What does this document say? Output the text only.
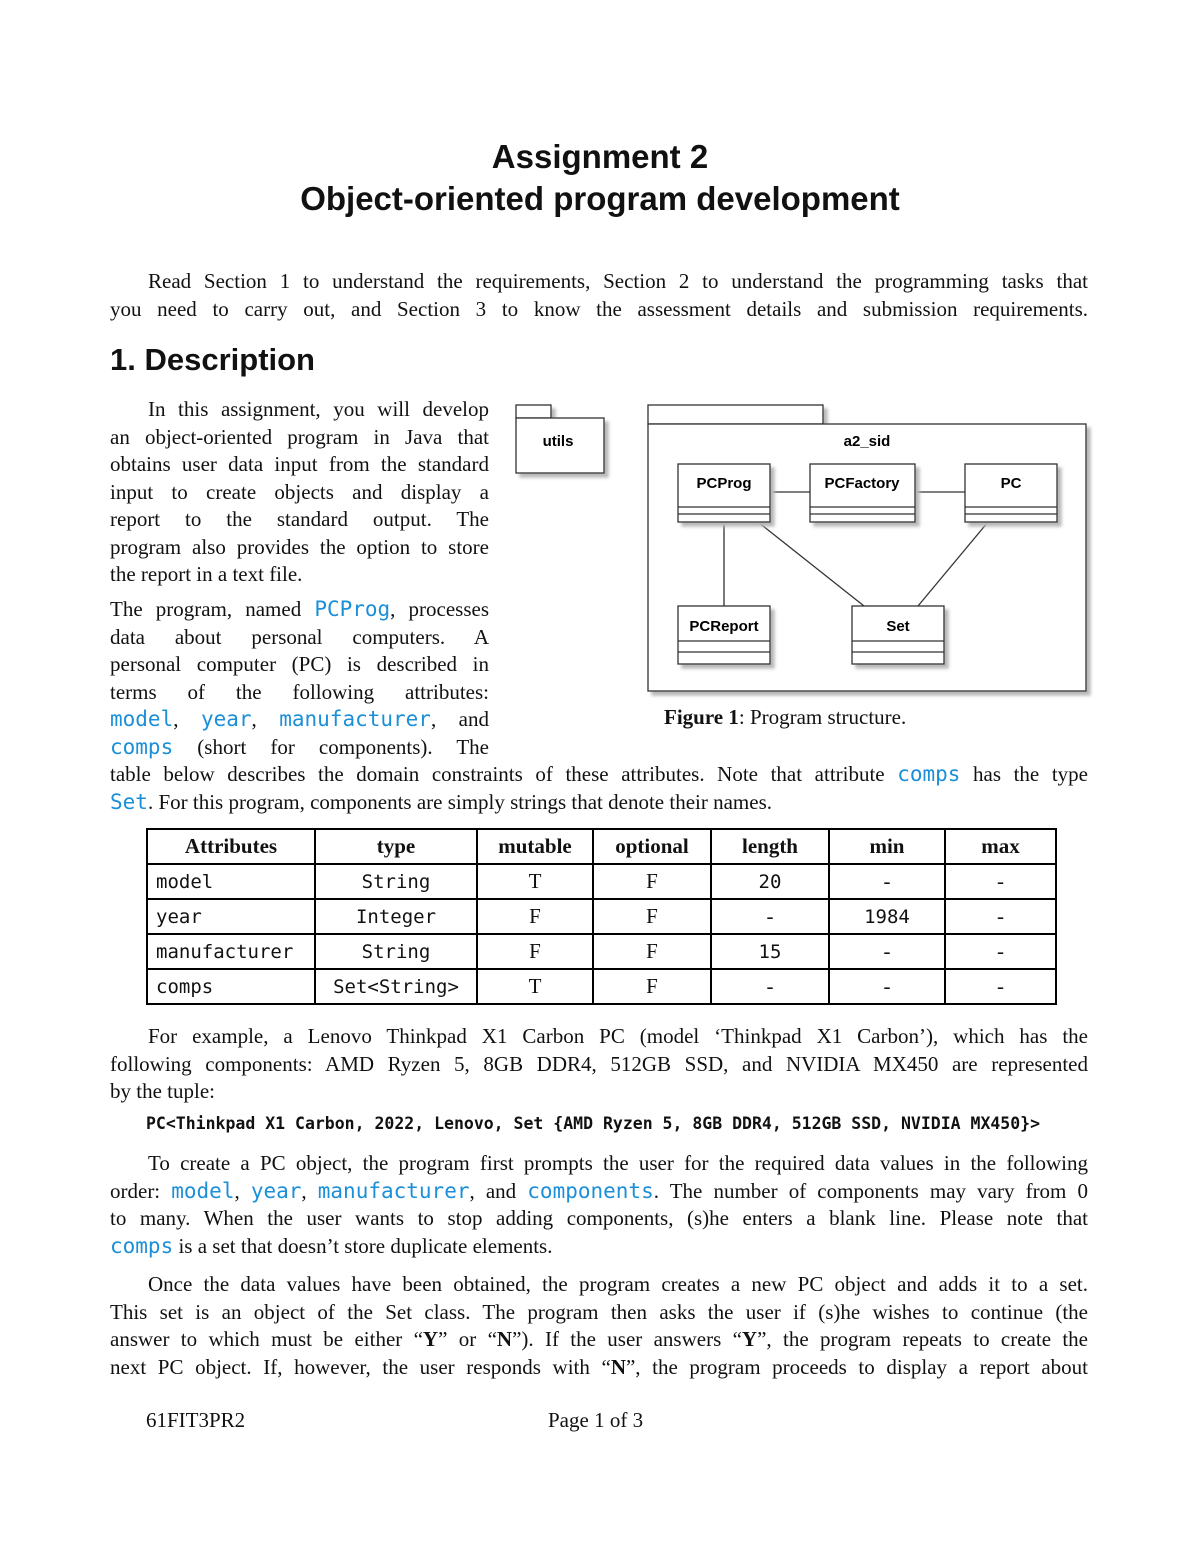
Assignment 2
Object-oriented program development
Read Section 1 to understand the requirements, Section 2 to understand the programming tasks that
you need to carry out, and Section 3 to know the assessment details and submission requirements.
1. Description
In this assignment, you will develop
an object-oriented program in Java that
obtains user data input from the standard
input to create objects and display a
report to the standard output. The
program also provides the option to store
the report in a text file.
The program, named PCProg, processes
data about personal computers. A
personal computer (PC) is described in
terms of the following attributes:
model, year, manufacturer, and
comps (short for components). The
table below describes the domain constraints of these attributes. Note that attribute comps has the type
Set. For this program, components are simply strings that denote their names.
utils	a2_sid
PCProg	PCFactory	PC
PCReport	Set
Figure 1: Program structure.
Attributes	type	mutable	optional	length	min	max
model	String	T	F	20	-	-
year	Integer	F	F	-	1984	-
manufacturer	String	F	F	15	-	-
comps	Set<String>	T	F	-	-	-
For example, a Lenovo Thinkpad X1 Carbon PC (model ‘Thinkpad X1 Carbon’), which has the
following components: AMD Ryzen 5, 8GB DDR4, 512GB SSD, and NVIDIA MX450 are represented
by the tuple:
PC<Thinkpad X1 Carbon, 2022, Lenovo, Set {AMD Ryzen 5, 8GB DDR4, 512GB SSD, NVIDIA MX450}>
To create a PC object, the program first prompts the user for the required data values in the following
order: model, year, manufacturer, and components. The number of components may vary from 0
to many. When the user wants to stop adding components, (s)he enters a blank line. Please note that
comps is a set that doesn’t store duplicate elements.
Once the data values have been obtained, the program creates a new PC object and adds it to a set.
This set is an object of the Set class. The program then asks the user if (s)he wishes to continue (the
answer to which must be either “Y” or “N”). If the user answers “Y”, the program repeats to create the
next PC object. If, however, the user responds with “N”, the program proceeds to display a report about
61FIT3PR2	Page 1 of 3
